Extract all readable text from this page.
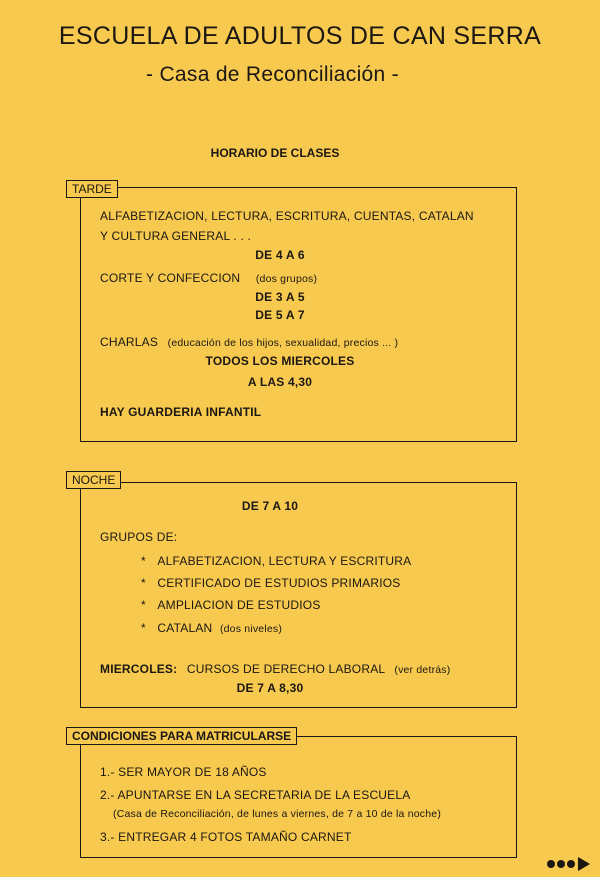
ESCUELA DE ADULTOS DE CAN SERRA
- Casa de Reconciliación -
HORARIO DE CLASES
TARDE
ALFABETIZACION, LECTURA, ESCRITURA, CUENTAS, CATALAN
Y CULTURA GENERAL . . .
DE 4 A 6
CORTE Y CONFECCION (dos grupos)
DE 3 A 5
DE 5 A 7
CHARLAS (educación de los hijos, sexualidad, precios ... )
TODOS LOS MIERCOLES
A LAS 4,30
HAY GUARDERIA INFANTIL
NOCHE
DE 7 A 10
GRUPOS DE:
* ALFABETIZACION, LECTURA Y ESCRITURA
* CERTIFICADO DE ESTUDIOS PRIMARIOS
* AMPLIACION DE ESTUDIOS
* CATALAN (dos niveles)
MIERCOLES: CURSOS DE DERECHO LABORAL (ver detrás)
DE 7 A 8,30
CONDICIONES PARA MATRICULARSE
1.- SER MAYOR DE 18 AÑOS
2.- APUNTARSE EN LA SECRETARIA DE LA ESCUELA
(Casa de Reconciliación, de lunes a viernes, de 7 a 10 de la noche)
3.- ENTREGAR 4 FOTOS TAMAÑO CARNET
